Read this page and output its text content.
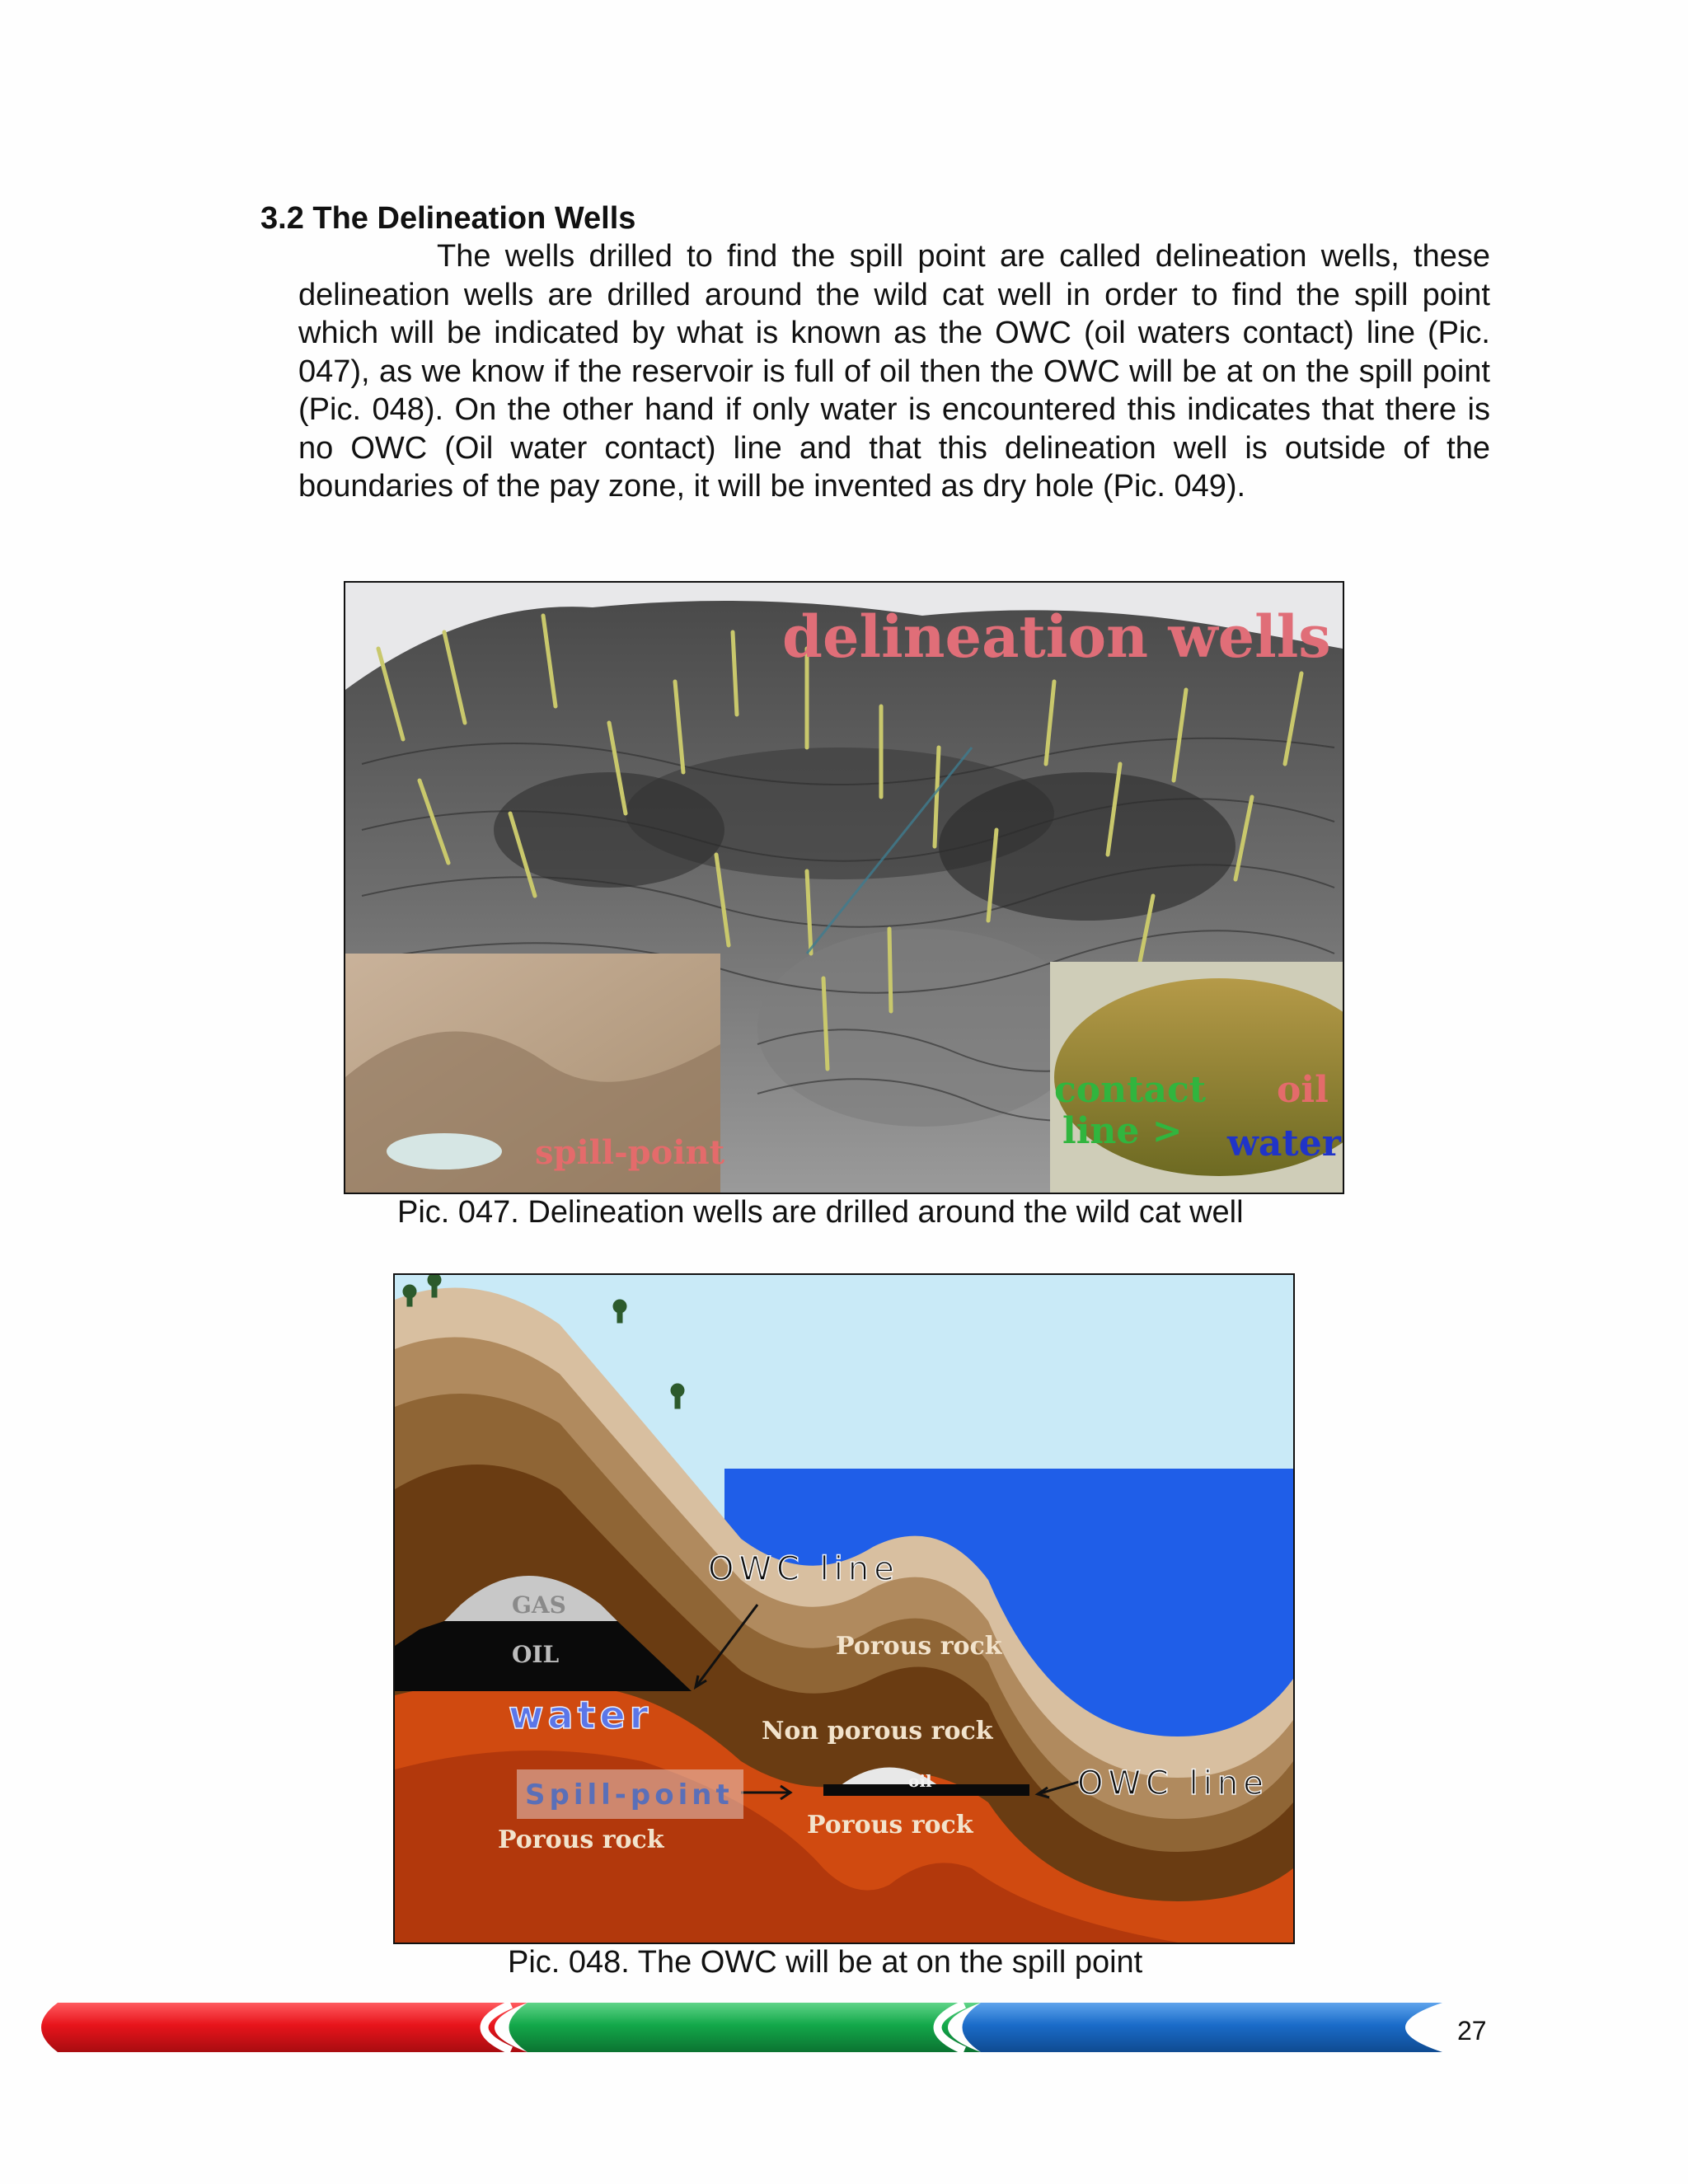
3.2 The Delineation Wells

The wells drilled to find the spill point are called delineation wells, these delineation wells are drilled around the wild cat well in order to find the spill point which will be indicated by what is known as the OWC (oil waters contact) line (Pic. 047), as we know if the reservoir is full of oil then the OWC will be at on the spill point (Pic. 048). On the other hand if only water is encountered this indicates that there is no OWC (Oil water contact) line and that this delineation well is outside of the boundaries of the pay zone, it will be invented as dry hole (Pic. 049).

delineation wells
spill-point
contact
line >
oil
water

Pic. 047. Delineation wells are drilled around the wild cat well

OWC line
OWC line
GAS
OIL
water
Porous rock
Non porous rock
Spill-point	oil
Porous rock
Porous rock

Pic. 048. The OWC will be at on the spill point

27
